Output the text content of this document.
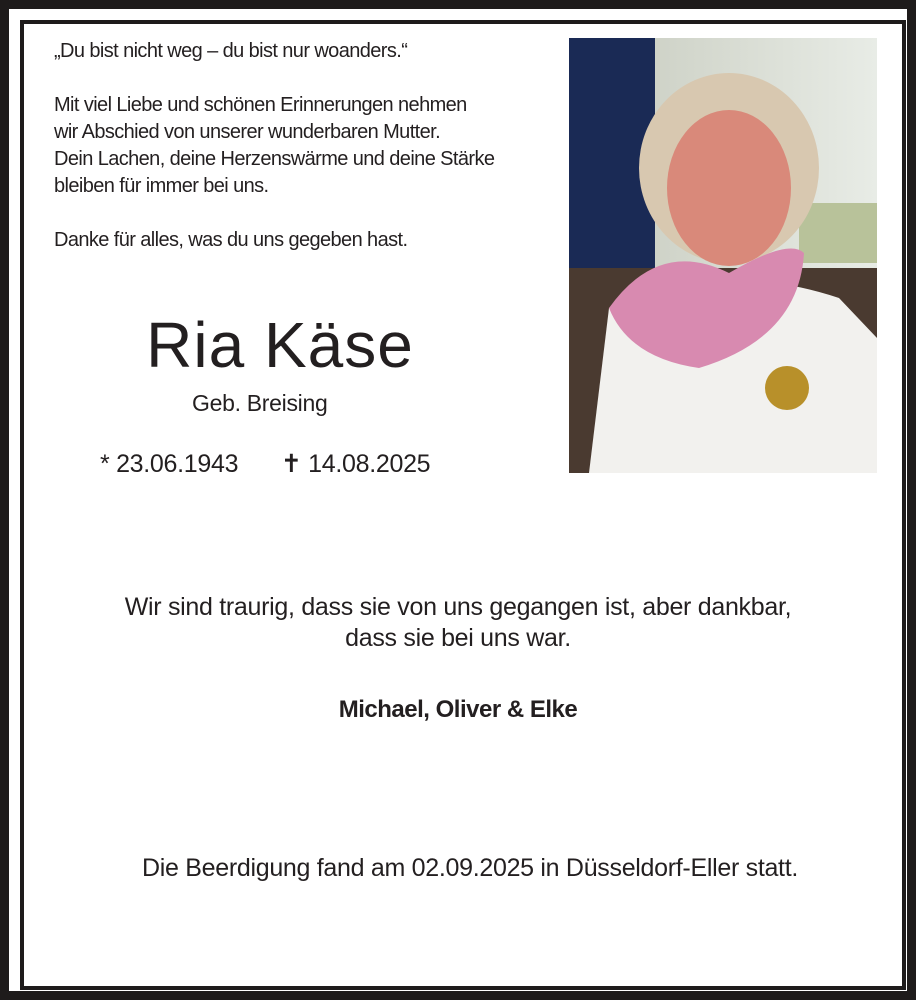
„Du bist nicht weg – du bist nur woanders.“

Mit viel Liebe und schönen Erinnerungen nehmen
wir Abschied von unserer wunderbaren Mutter.
Dein Lachen, deine Herzenswärme und deine Stärke
bleiben für immer bei uns.

Danke für alles, was du uns gegeben hast.

Ria Käse
Geb. Breising
* 23.06.1943 ✝ 14.08.2025
Wir sind traurig, dass sie von uns gegangen ist, aber dankbar,
dass sie bei uns war.
Michael, Oliver & Elke
Die Beerdigung fand am 02.09.2025 in Düsseldorf-Eller statt.
